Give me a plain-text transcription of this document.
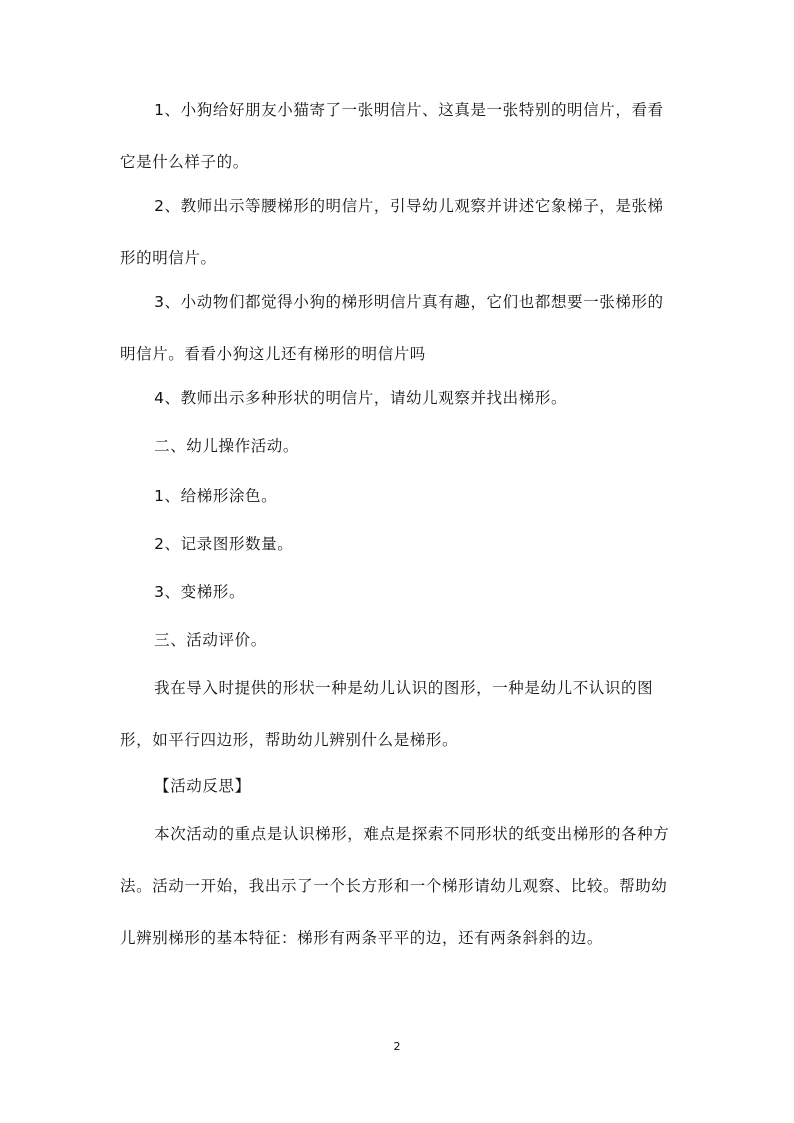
1、小狗给好朋友小猫寄了一张明信片、这真是一张特别的明信片，看看它是什么样子的。

2、教师出示等腰梯形的明信片，引导幼儿观察并讲述它象梯子，是张梯形的明信片。

3、小动物们都觉得小狗的梯形明信片真有趣，它们也都想要一张梯形的明信片。看看小狗这儿还有梯形的明信片吗

4、教师出示多种形状的明信片，请幼儿观察并找出梯形。

二、幼儿操作活动。

1、给梯形涂色。

2、记录图形数量。

3、变梯形。

三、活动评价。

我在导入时提供的形状一种是幼儿认识的图形，一种是幼儿不认识的图形，如平行四边形，帮助幼儿辨别什么是梯形。

【活动反思】

本次活动的重点是认识梯形，难点是探索不同形状的纸变出梯形的各种方法。活动一开始，我出示了一个长方形和一个梯形请幼儿观察、比较。帮助幼儿辨别梯形的基本特征：梯形有两条平平的边，还有两条斜斜的边。

2
